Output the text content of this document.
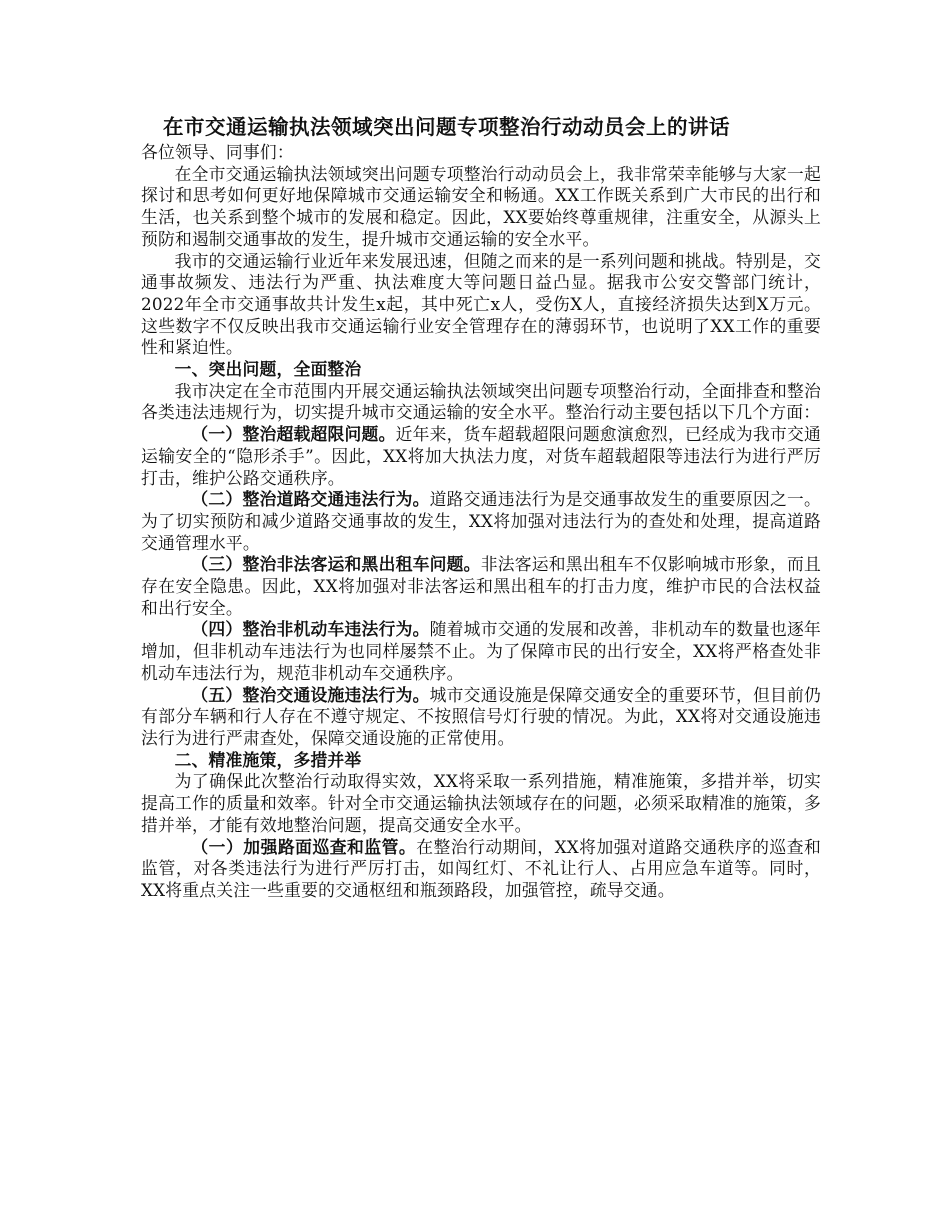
在市交通运输执法领域突出问题专项整治行动动员会上的讲话
各位领导、同事们：

在全市交通运输执法领域突出问题专项整治行动动员会上，我非常荣幸能够与大家一起探讨和思考如何更好地保障城市交通运输安全和畅通。XX工作既关系到广大市民的出行和生活，也关系到整个城市的发展和稳定。因此，XX要始终尊重规律，注重安全，从源头上预防和遏制交通事故的发生，提升城市交通运输的安全水平。

我市的交通运输行业近年来发展迅速，但随之而来的是一系列问题和挑战。特别是，交通事故频发、违法行为严重、执法难度大等问题日益凸显。据我市公安交警部门统计，2022年全市交通事故共计发生x起，其中死亡x人，受伤X人，直接经济损失达到X万元。这些数字不仅反映出我市交通运输行业安全管理存在的薄弱环节，也说明了XX工作的重要性和紧迫性。

一、突出问题，全面整治

我市决定在全市范围内开展交通运输执法领域突出问题专项整治行动，全面排查和整治各类违法违规行为，切实提升城市交通运输的安全水平。整治行动主要包括以下几个方面：

（一）整治超载超限问题。近年来，货车超载超限问题愈演愈烈，已经成为我市交通运输安全的“隐形杀手”。因此，XX将加大执法力度，对货车超载超限等违法行为进行严厉打击，维护公路交通秩序。

（二）整治道路交通违法行为。道路交通违法行为是交通事故发生的重要原因之一。为了切实预防和减少道路交通事故的发生，XX将加强对违法行为的查处和处理，提高道路交通管理水平。

（三）整治非法客运和黑出租车问题。非法客运和黑出租车不仅影响城市形象，而且存在安全隐患。因此，XX将加强对非法客运和黑出租车的打击力度，维护市民的合法权益和出行安全。

（四）整治非机动车违法行为。随着城市交通的发展和改善，非机动车的数量也逐年增加，但非机动车违法行为也同样屡禁不止。为了保障市民的出行安全，XX将严格查处非机动车违法行为，规范非机动车交通秩序。

（五）整治交通设施违法行为。城市交通设施是保障交通安全的重要环节，但目前仍有部分车辆和行人存在不遵守规定、不按照信号灯行驶的情况。为此，XX将对交通设施违法行为进行严肃查处，保障交通设施的正常使用。

二、精准施策，多措并举

为了确保此次整治行动取得实效，XX将采取一系列措施，精准施策，多措并举，切实提高工作的质量和效率。针对全市交通运输执法领域存在的问题，必须采取精准的施策，多措并举，才能有效地整治问题，提高交通安全水平。

（一）加强路面巡查和监管。在整治行动期间，XX将加强对道路交通秩序的巡查和监管，对各类违法行为进行严厉打击，如闯红灯、不礼让行人、占用应急车道等。同时，XX将重点关注一些重要的交通枢纽和瓶颈路段，加强管控，疏导交通。
